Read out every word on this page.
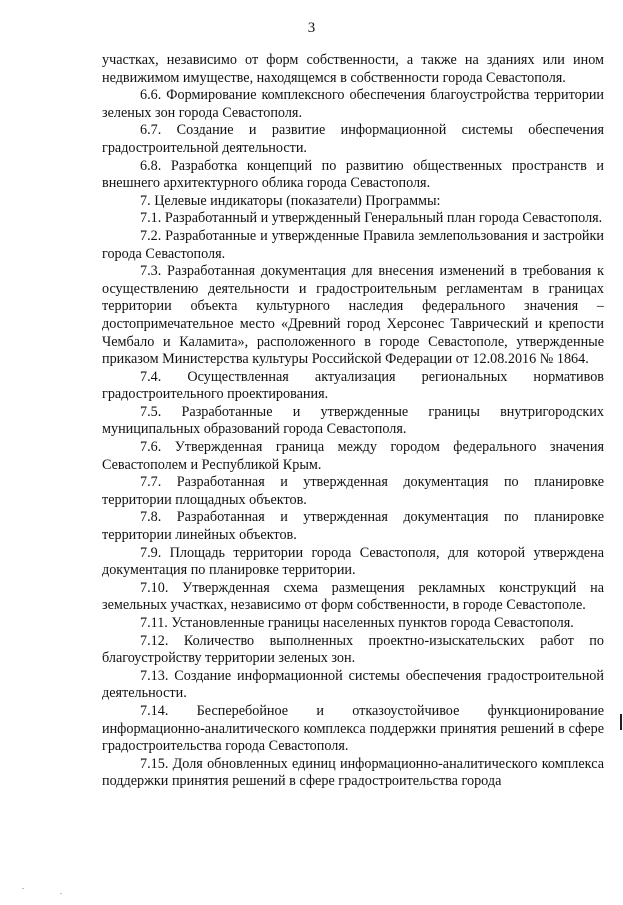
3

участках, независимо от форм собственности, а также на зданиях или ином недвижимом имуществе, находящемся в собственности города Севастополя.

6.6. Формирование комплексного обеспечения благоустройства территории зеленых зон города Севастополя.

6.7. Создание и развитие информационной системы обеспечения градостроительной деятельности.

6.8. Разработка концепций по развитию общественных пространств и внешнего архитектурного облика города Севастополя.

7. Целевые индикаторы (показатели) Программы:

7.1. Разработанный и утвержденный Генеральный план города Севастополя.

7.2. Разработанные и утвержденные Правила землепользования и застройки города Севастополя.

7.3. Разработанная документация для внесения изменений в требования к осуществлению деятельности и градостроительным регламентам в границах территории объекта культурного наследия федерального значения – достопримечательное место «Древний город Херсонес Таврический и крепости Чембало и Каламита», расположенного в городе Севастополе, утвержденные приказом Министерства культуры Российской Федерации от 12.08.2016 № 1864.

7.4. Осуществленная актуализация региональных нормативов градостроительного проектирования.

7.5. Разработанные и утвержденные границы внутригородских муниципальных образований города Севастополя.

7.6. Утвержденная граница между городом федерального значения Севастополем и Республикой Крым.

7.7. Разработанная и утвержденная документация по планировке территории площадных объектов.

7.8. Разработанная и утвержденная документация по планировке территории линейных объектов.

7.9. Площадь территории города Севастополя, для которой утверждена документация по планировке территории.

7.10. Утвержденная схема размещения рекламных конструкций на земельных участках, независимо от форм собственности, в городе Севастополе.

7.11. Установленные границы населенных пунктов города Севастополя.

7.12. Количество выполненных проектно-изыскательских работ по благоустройству территории зеленых зон.

7.13. Создание информационной системы обеспечения градостроительной деятельности.

7.14. Бесперебойное и отказоустойчивое функционирование информационно-аналитического комплекса поддержки принятия решений в сфере градостроительства города Севастополя.

7.15. Доля обновленных единиц информационно-аналитического комплекса поддержки принятия решений в сфере градостроительства города
